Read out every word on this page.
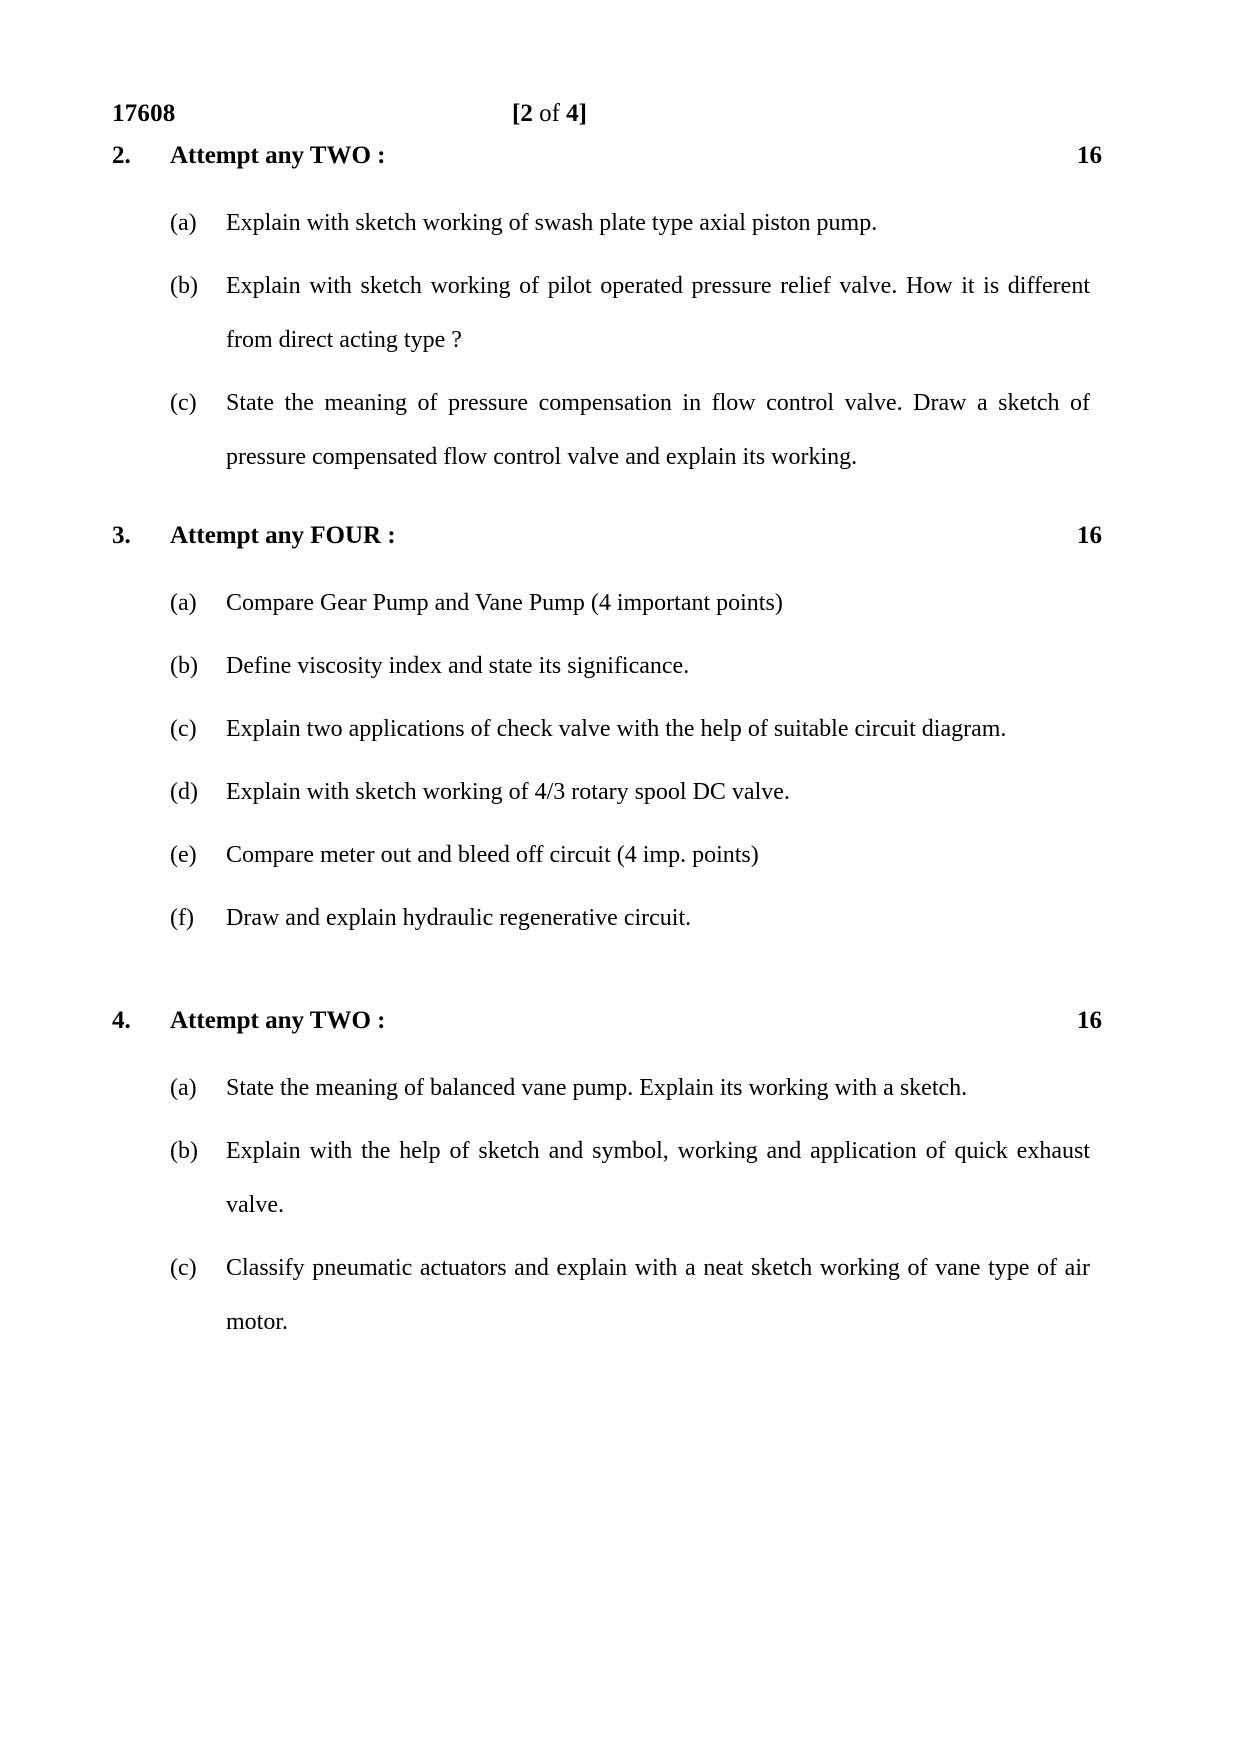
17608	[2 of 4]
2. Attempt any TWO :	16
(a) Explain with sketch working of swash plate type axial piston pump.
(b) Explain with sketch working of pilot operated pressure relief valve. How it is different from direct acting type ?
(c) State the meaning of pressure compensation in flow control valve. Draw a sketch of pressure compensated flow control valve and explain its working.
3. Attempt any FOUR :	16
(a) Compare Gear Pump and Vane Pump (4 important points)
(b) Define viscosity index and state its significance.
(c) Explain two applications of check valve with the help of suitable circuit diagram.
(d) Explain with sketch working of 4/3 rotary spool DC valve.
(e) Compare meter out and bleed off circuit (4 imp. points)
(f) Draw and explain hydraulic regenerative circuit.
4. Attempt any TWO :	16
(a) State the meaning of balanced vane pump. Explain its working with a sketch.
(b) Explain with the help of sketch and symbol, working and application of quick exhaust valve.
(c) Classify pneumatic actuators and explain with a neat sketch working of vane type of air motor.
